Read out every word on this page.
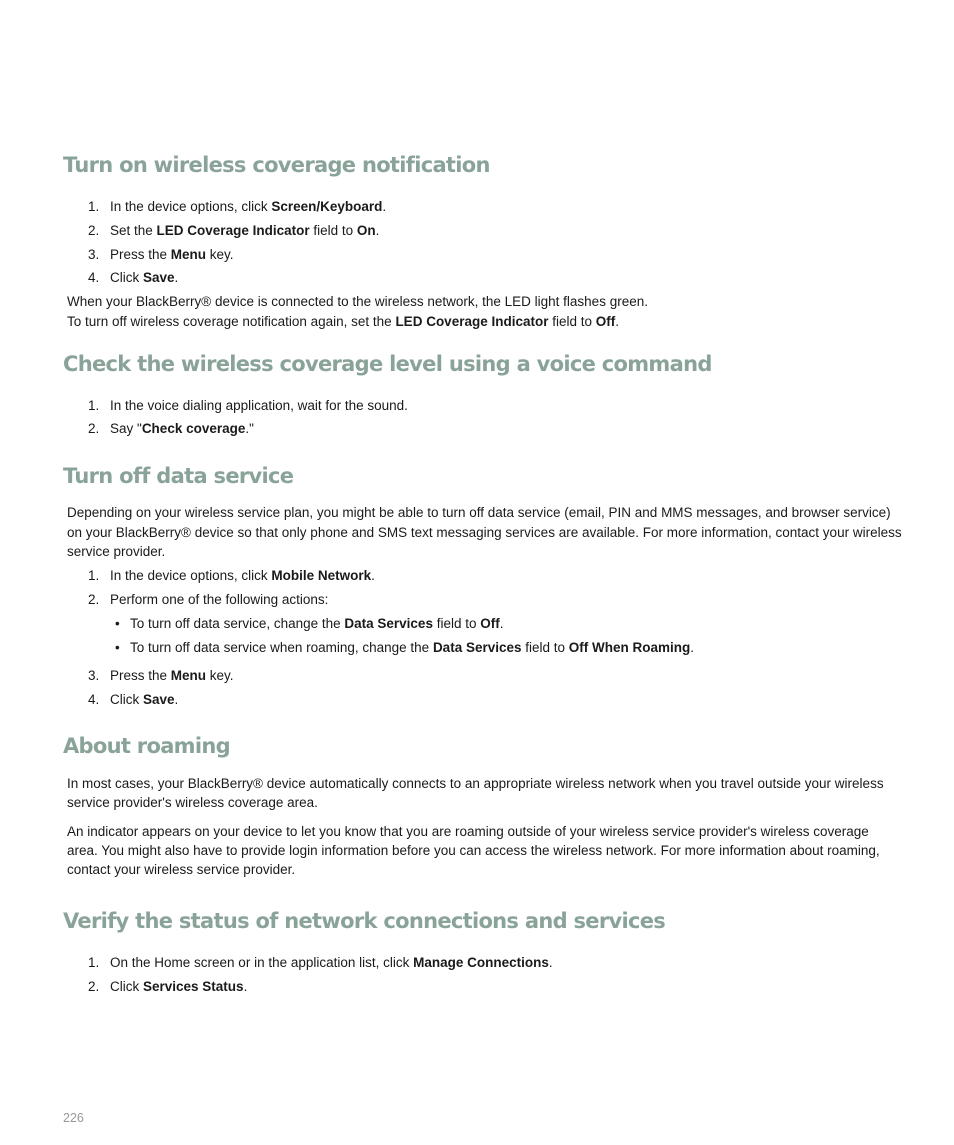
Turn on wireless coverage notification
1. In the device options, click Screen/Keyboard.

2. Set the LED Coverage Indicator field to On.

3. Press the Menu key.

4. Click Save.

When your BlackBerry® device is connected to the wireless network, the LED light flashes green.

To turn off wireless coverage notification again, set the LED Coverage Indicator field to Off.

Check the wireless coverage level using a voice command
1. In the voice dialing application, wait for the sound.

2. Say "Check coverage."

Turn off data service

Depending on your wireless service plan, you might be able to turn off data service (email, PIN and MMS messages, and browser service)

on your BlackBerry® device so that only phone and SMS text messaging services are available. For more information, contact your wireless

service provider.

1. In the device options, click Mobile Network.

2. Perform one of the following actions:

• To turn off data service, change the Data Services field to Off.

• To turn off data service when roaming, change the Data Services field to Off When Roaming.

3. Press the Menu key.

4. Click Save.

About roaming

In most cases, your BlackBerry® device automatically connects to an appropriate wireless network when you travel outside your wireless

service provider's wireless coverage area.

An indicator appears on your device to let you know that you are roaming outside of your wireless service provider's wireless coverage

area. You might also have to provide login information before you can access the wireless network. For more information about roaming,

contact your wireless service provider.

Verify the status of network connections and services
1. On the Home screen or in the application list, click Manage Connections.

2. Click Services Status.

226
